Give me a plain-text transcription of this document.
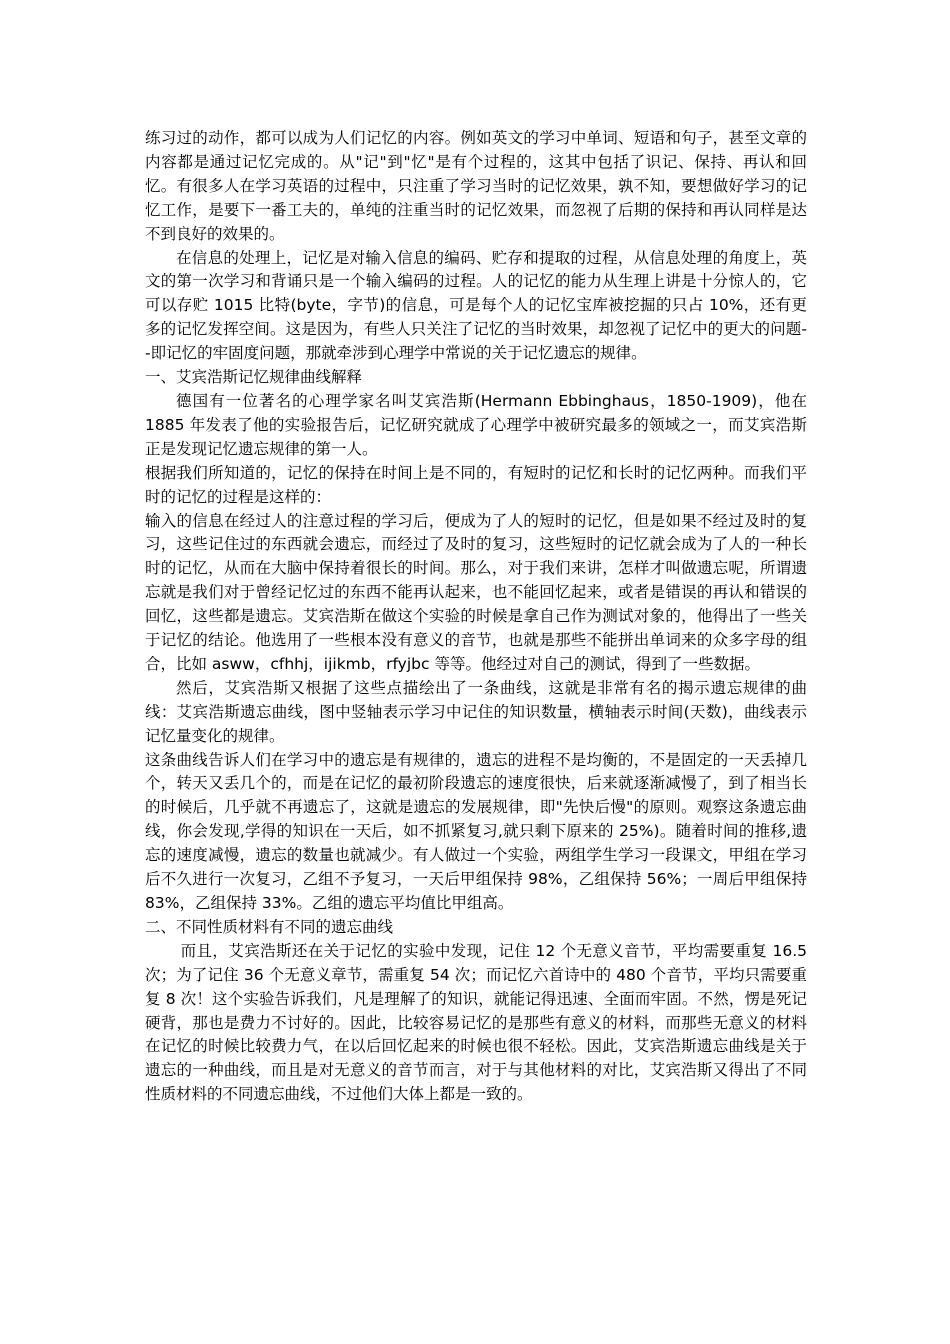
练习过的动作，都可以成为人们记忆的内容。例如英文的学习中单词、短语和句子，甚至文章的内容都是通过记忆完成的。从"记"到"忆"是有个过程的，这其中包括了识记、保持、再认和回忆。有很多人在学习英语的过程中，只注重了学习当时的记忆效果，孰不知，要想做好学习的记忆工作，是要下一番工夫的，单纯的注重当时的记忆效果，而忽视了后期的保持和再认同样是达不到良好的效果的。

在信息的处理上，记忆是对输入信息的编码、贮存和提取的过程，从信息处理的角度上，英文的第一次学习和背诵只是一个输入编码的过程。人的记忆的能力从生理上讲是十分惊人的，它可以存贮 1015 比特(byte，字节)的信息，可是每个人的记忆宝库被挖掘的只占 10%，还有更多的记忆发挥空间。这是因为，有些人只关注了记忆的当时效果，却忽视了记忆中的更大的问题--即记忆的牢固度问题，那就牵涉到心理学中常说的关于记忆遗忘的规律。

一、艾宾浩斯记忆规律曲线解释

德国有一位著名的心理学家名叫艾宾浩斯(Hermann Ebbinghaus，1850-1909)，他在 1885 年发表了他的实验报告后，记忆研究就成了心理学中被研究最多的领域之一，而艾宾浩斯正是发现记忆遗忘规律的第一人。

根据我们所知道的，记忆的保持在时间上是不同的，有短时的记忆和长时的记忆两种。而我们平时的记忆的过程是这样的：

输入的信息在经过人的注意过程的学习后，便成为了人的短时的记忆，但是如果不经过及时的复习，这些记住过的东西就会遗忘，而经过了及时的复习，这些短时的记忆就会成为了人的一种长时的记忆，从而在大脑中保持着很长的时间。那么，对于我们来讲，怎样才叫做遗忘呢，所谓遗忘就是我们对于曾经记忆过的东西不能再认起来，也不能回忆起来，或者是错误的再认和错误的回忆，这些都是遗忘。艾宾浩斯在做这个实验的时候是拿自己作为测试对象的，他得出了一些关于记忆的结论。他选用了一些根本没有意义的音节，也就是那些不能拼出单词来的众多字母的组合，比如 asww，cfhhj，ijikmb，rfyjbc 等等。他经过对自己的测试，得到了一些数据。

然后，艾宾浩斯又根据了这些点描绘出了一条曲线，这就是非常有名的揭示遗忘规律的曲线：艾宾浩斯遗忘曲线，图中竖轴表示学习中记住的知识数量，横轴表示时间(天数)，曲线表示记忆量变化的规律。

这条曲线告诉人们在学习中的遗忘是有规律的，遗忘的进程不是均衡的，不是固定的一天丢掉几个，转天又丢几个的，而是在记忆的最初阶段遗忘的速度很快，后来就逐渐减慢了，到了相当长的时候后，几乎就不再遗忘了，这就是遗忘的发展规律，即"先快后慢"的原则。观察这条遗忘曲线，你会发现,学得的知识在一天后，如不抓紧复习,就只剩下原来的 25%)。随着时间的推移,遗忘的速度减慢，遗忘的数量也就减少。有人做过一个实验，两组学生学习一段课文，甲组在学习后不久进行一次复习，乙组不予复习，一天后甲组保持 98%，乙组保持 56%；一周后甲组保持 83%，乙组保持 33%。乙组的遗忘平均值比甲组高。

二、不同性质材料有不同的遗忘曲线

而且，艾宾浩斯还在关于记忆的实验中发现，记住 12 个无意义音节，平均需要重复 16.5 次；为了记住 36 个无意义章节，需重复 54 次；而记忆六首诗中的 480 个音节，平均只需要重复 8 次！这个实验告诉我们，凡是理解了的知识，就能记得迅速、全面而牢固。不然，愣是死记硬背，那也是费力不讨好的。因此，比较容易记忆的是那些有意义的材料，而那些无意义的材料在记忆的时候比较费力气，在以后回忆起来的时候也很不轻松。因此，艾宾浩斯遗忘曲线是关于遗忘的一种曲线，而且是对无意义的音节而言，对于与其他材料的对比，艾宾浩斯又得出了不同性质材料的不同遗忘曲线，不过他们大体上都是一致的。
